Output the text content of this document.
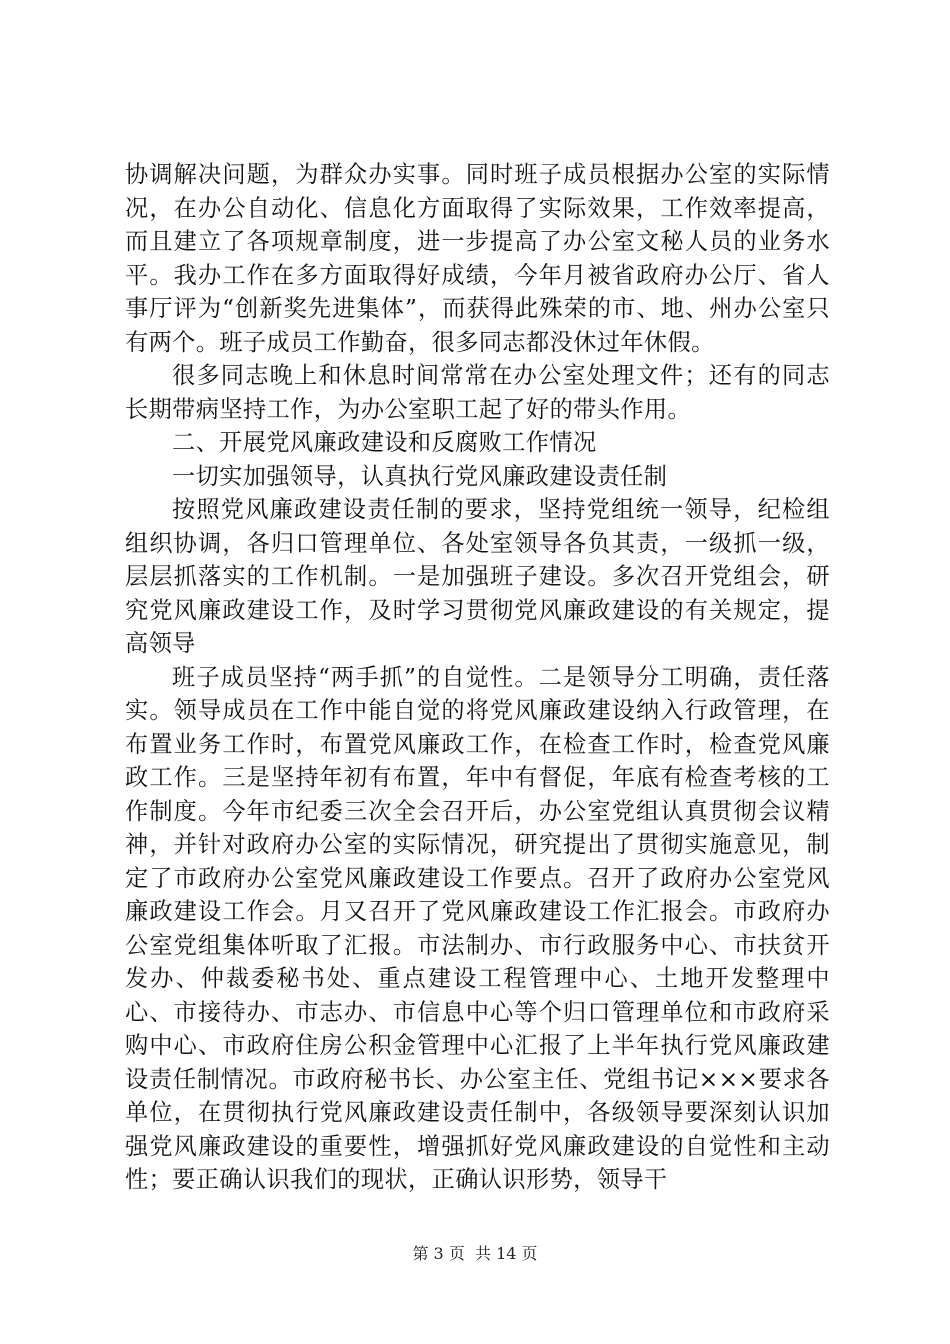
协调解决问题，为群众办实事。同时班子成员根据办公室的实际情况，在办公自动化、信息化方面取得了实际效果，工作效率提高，而且建立了各项规章制度，进一步提高了办公室文秘人员的业务水平。我办工作在多方面取得好成绩，今年月被省政府办公厅、省人事厅评为“创新奖先进集体”，而获得此殊荣的市、地、州办公室只有两个。班子成员工作勤奋，很多同志都没休过年休假。

很多同志晚上和休息时间常常在办公室处理文件；还有的同志长期带病坚持工作，为办公室职工起了好的带头作用。

二、开展党风廉政建设和反腐败工作情况

一切实加强领导，认真执行党风廉政建设责任制

按照党风廉政建设责任制的要求，坚持党组统一领导，纪检组组织协调，各归口管理单位、各处室领导各负其责，一级抓一级，层层抓落实的工作机制。一是加强班子建设。多次召开党组会，研究党风廉政建设工作，及时学习贯彻党风廉政建设的有关规定，提高领导

班子成员坚持“两手抓”的自觉性。二是领导分工明确，责任落实。领导成员在工作中能自觉的将党风廉政建设纳入行政管理，在布置业务工作时，布置党风廉政工作，在检查工作时，检查党风廉政工作。三是坚持年初有布置，年中有督促，年底有检查考核的工作制度。今年市纪委三次全会召开后，办公室党组认真贯彻会议精神，并针对政府办公室的实际情况，研究提出了贯彻实施意见，制定了市政府办公室党风廉政建设工作要点。召开了政府办公室党风廉政建设工作会。月又召开了党风廉政建设工作汇报会。市政府办公室党组集体听取了汇报。市法制办、市行政服务中心、市扶贫开发办、仲裁委秘书处、重点建设工程管理中心、土地开发整理中心、市接待办、市志办、市信息中心等个归口管理单位和市政府采购中心、市政府住房公积金管理中心汇报了上半年执行党风廉政建设责任制情况。市政府秘书长、办公室主任、党组书记×××要求各单位，在贯彻执行党风廉政建设责任制中，各级领导要深刻认识加强党风廉政建设的重要性，增强抓好党风廉政建设的自觉性和主动性；要正确认识我们的现状，正确认识形势，领导干

第 3 页  共 14 页
